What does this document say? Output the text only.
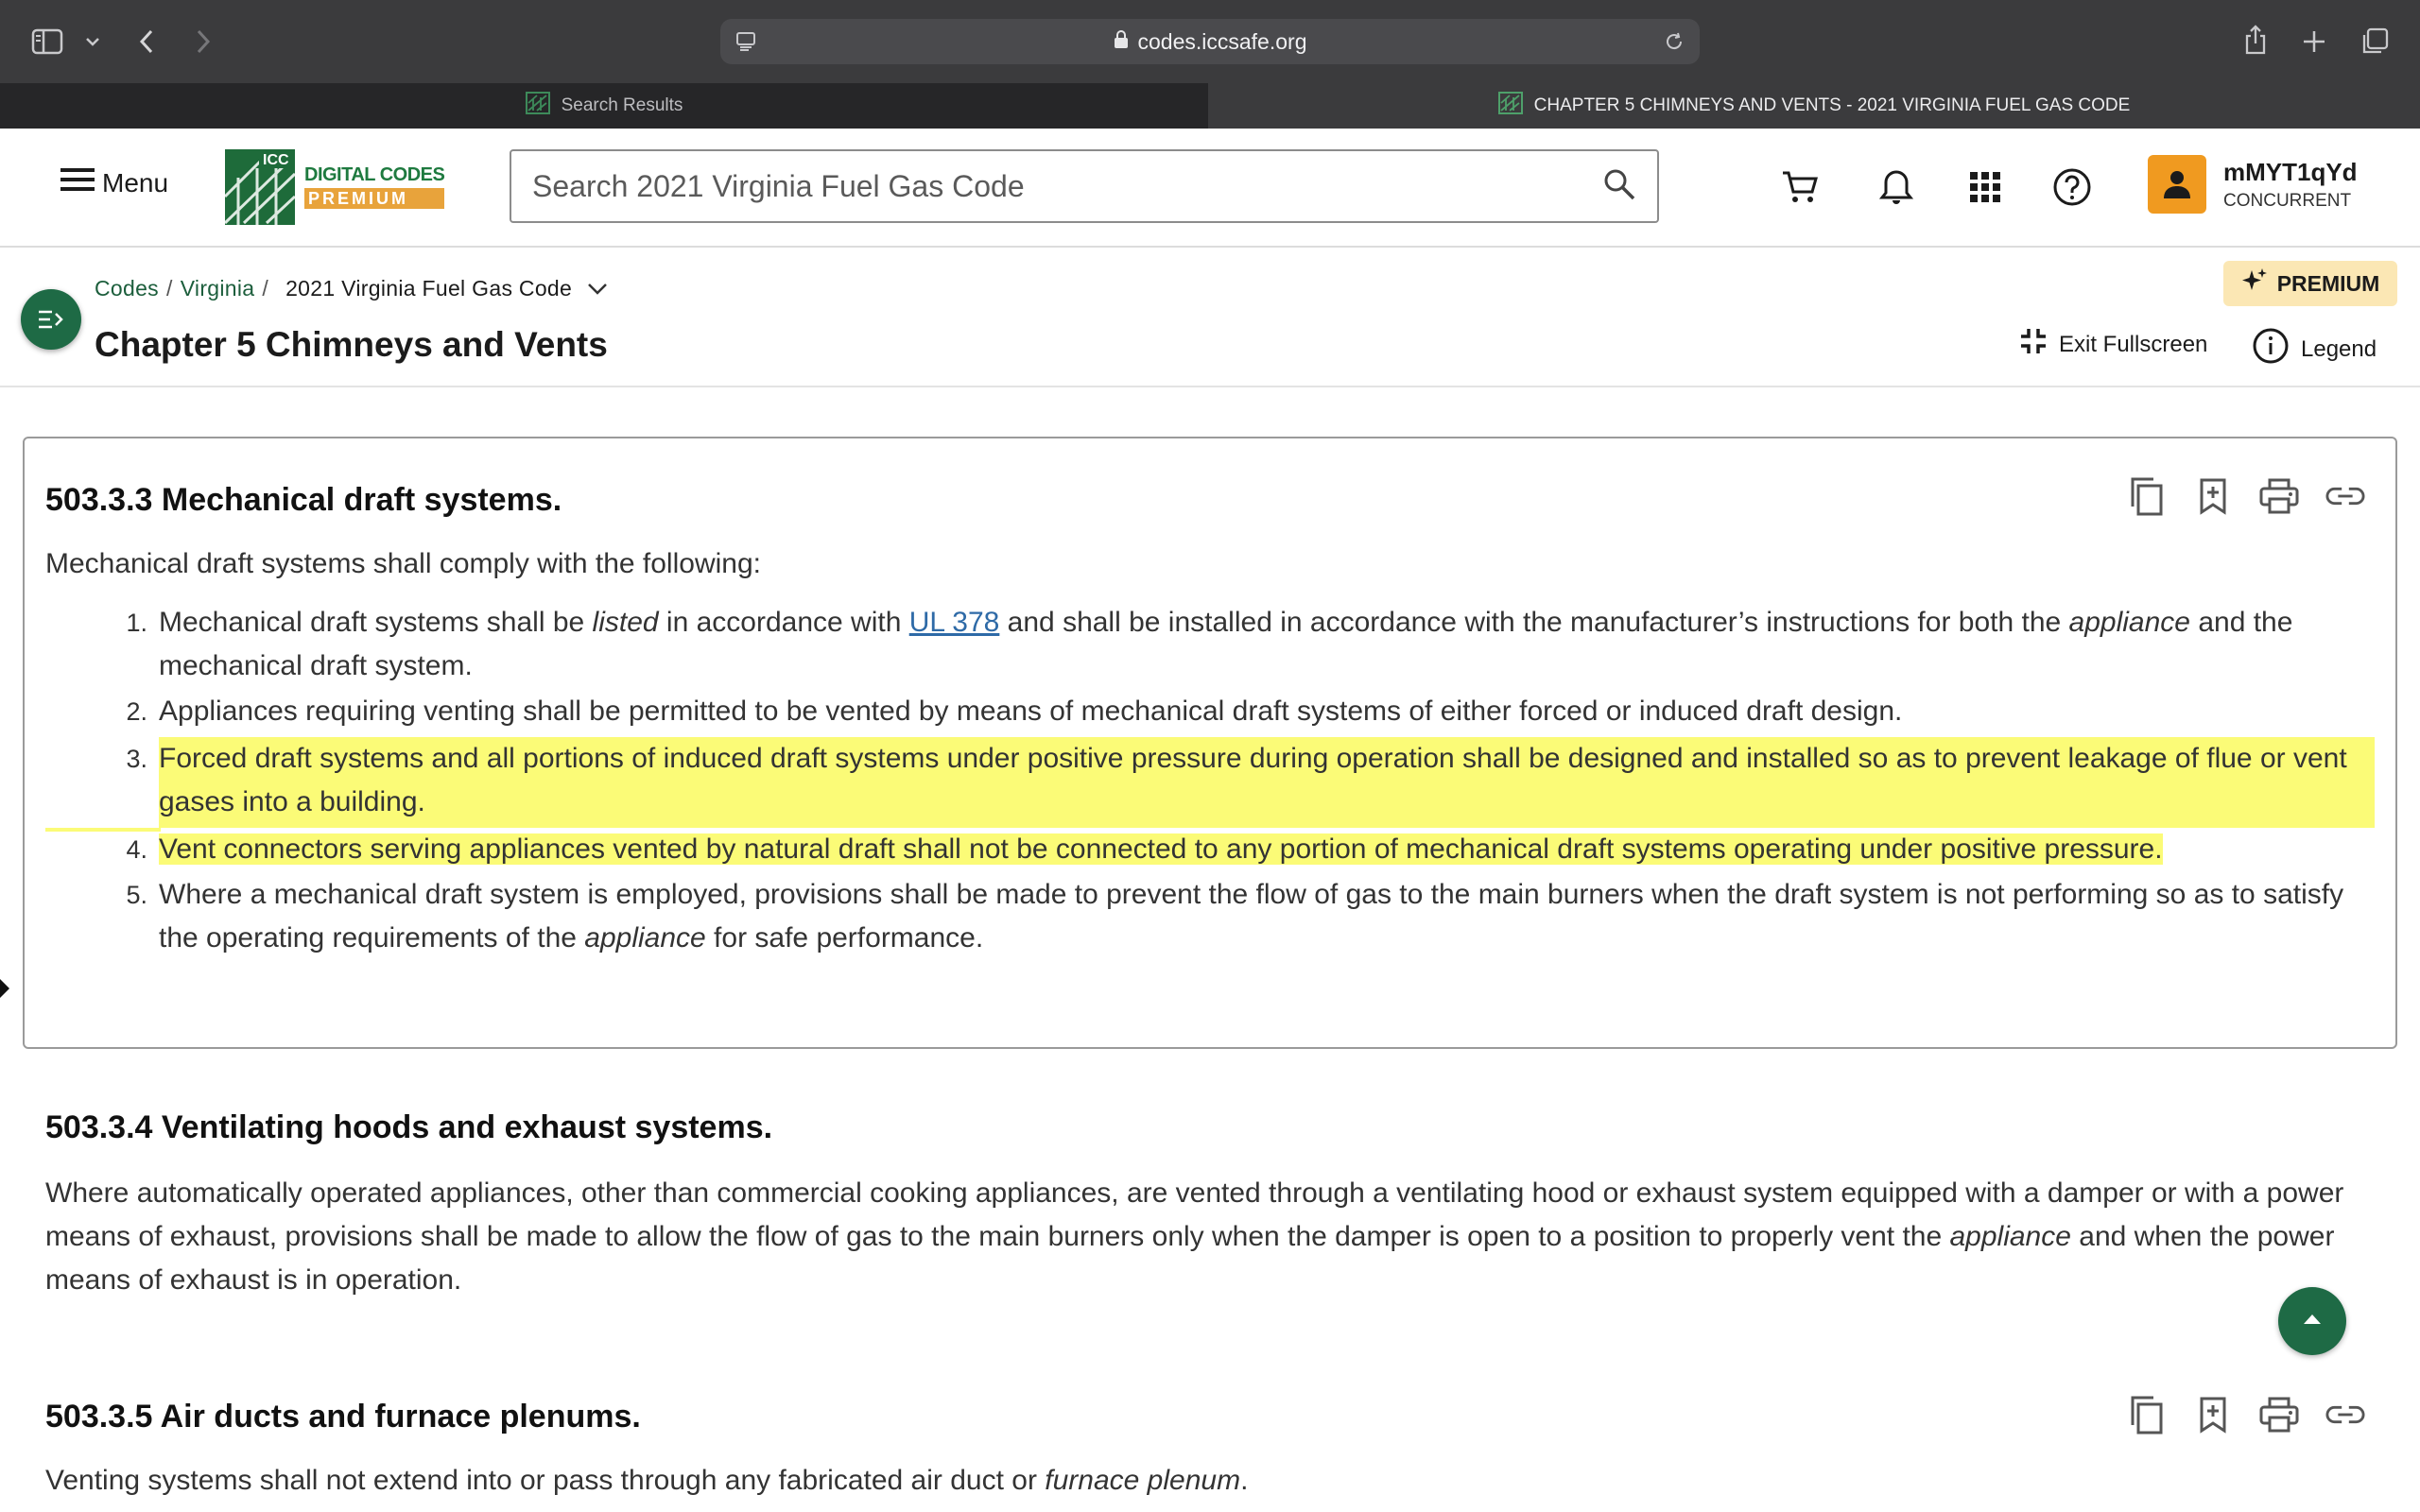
codes.iccsafe.org
Search Results	CHAPTER 5 CHIMNEYS AND VENTS - 2021 VIRGINIA FUEL GAS CODE
Menu
ICC
DIGITAL CODES
PREMIUM
Search 2021 Virginia Fuel Gas Code
mMYT1qYd
CONCURRENT
Codes / Virginia / 2021 Virginia Fuel Gas Code
Chapter 5 Chimneys and Vents
PREMIUM
Exit Fullscreen	Legend
503.3.3 Mechanical draft systems.
Mechanical draft systems shall comply with the following:
1. Mechanical draft systems shall be listed in accordance with UL 378 and shall be installed in accordance with the manufacturer’s instructions for both the appliance and the mechanical draft system.
2. Appliances requiring venting shall be permitted to be vented by means of mechanical draft systems of either forced or induced draft design.
3. Forced draft systems and all portions of induced draft systems under positive pressure during operation shall be designed and installed so as to prevent leakage of flue or vent gases into a building.
4. Vent connectors serving appliances vented by natural draft shall not be connected to any portion of mechanical draft systems operating under positive pressure.
5. Where a mechanical draft system is employed, provisions shall be made to prevent the flow of gas to the main burners when the draft system is not performing so as to satisfy the operating requirements of the appliance for safe performance.
503.3.4 Ventilating hoods and exhaust systems.
Where automatically operated appliances, other than commercial cooking appliances, are vented through a ventilating hood or exhaust system equipped with a damper or with a power means of exhaust, provisions shall be made to allow the flow of gas to the main burners only when the damper is open to a position to properly vent the appliance and when the power means of exhaust is in operation.
503.3.5 Air ducts and furnace plenums.
Venting systems shall not extend into or pass through any fabricated air duct or furnace plenum.
